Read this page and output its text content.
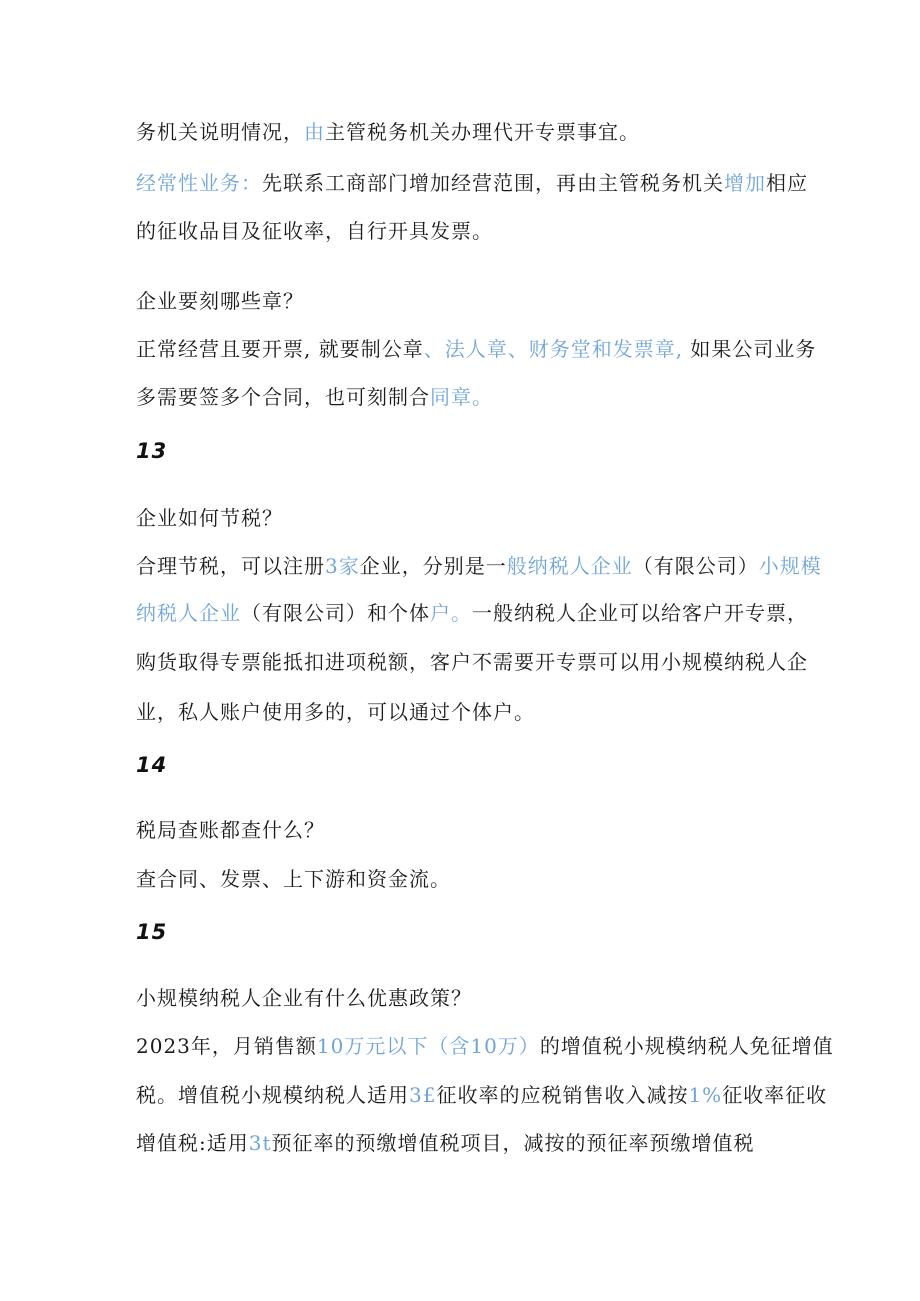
务机关说明情况，由主管税务机关办理代开专票事宜。
经常性业务：先联系工商部门增加经营范围，再由主管税务机关增加相应
的征收品目及征收率，自行开具发票。
企业要刻哪些章？
正常经营且要开票, 就要制公章、法人章、财务堂和发票章, 如果公司业务
多需要签多个合同，也可刻制合同章。
13
企业如何节税？
合理节税，可以注册3家企业，分别是一般纳税人企业（有限公司）小规模
纳税人企业（有限公司）和个体户。一般纳税人企业可以给客户开专票，
购货取得专票能抵扣进项税额，客户不需要开专票可以用小规模纳税人企
业，私人账户使用多的，可以通过个体户。
14
税局查账都查什么？
查合同、发票、上下游和资金流。
15
小规模纳税人企业有什么优惠政策？
2023年，月销售额10万元以下（含10万）的增值税小规模纳税人免征增值
税。增值税小规模纳税人适用3£征收率的应税销售收入减按1%征收率征收
增值税:适用3t预征率的预缴增值税项目，减按的预征率预缴增值税
